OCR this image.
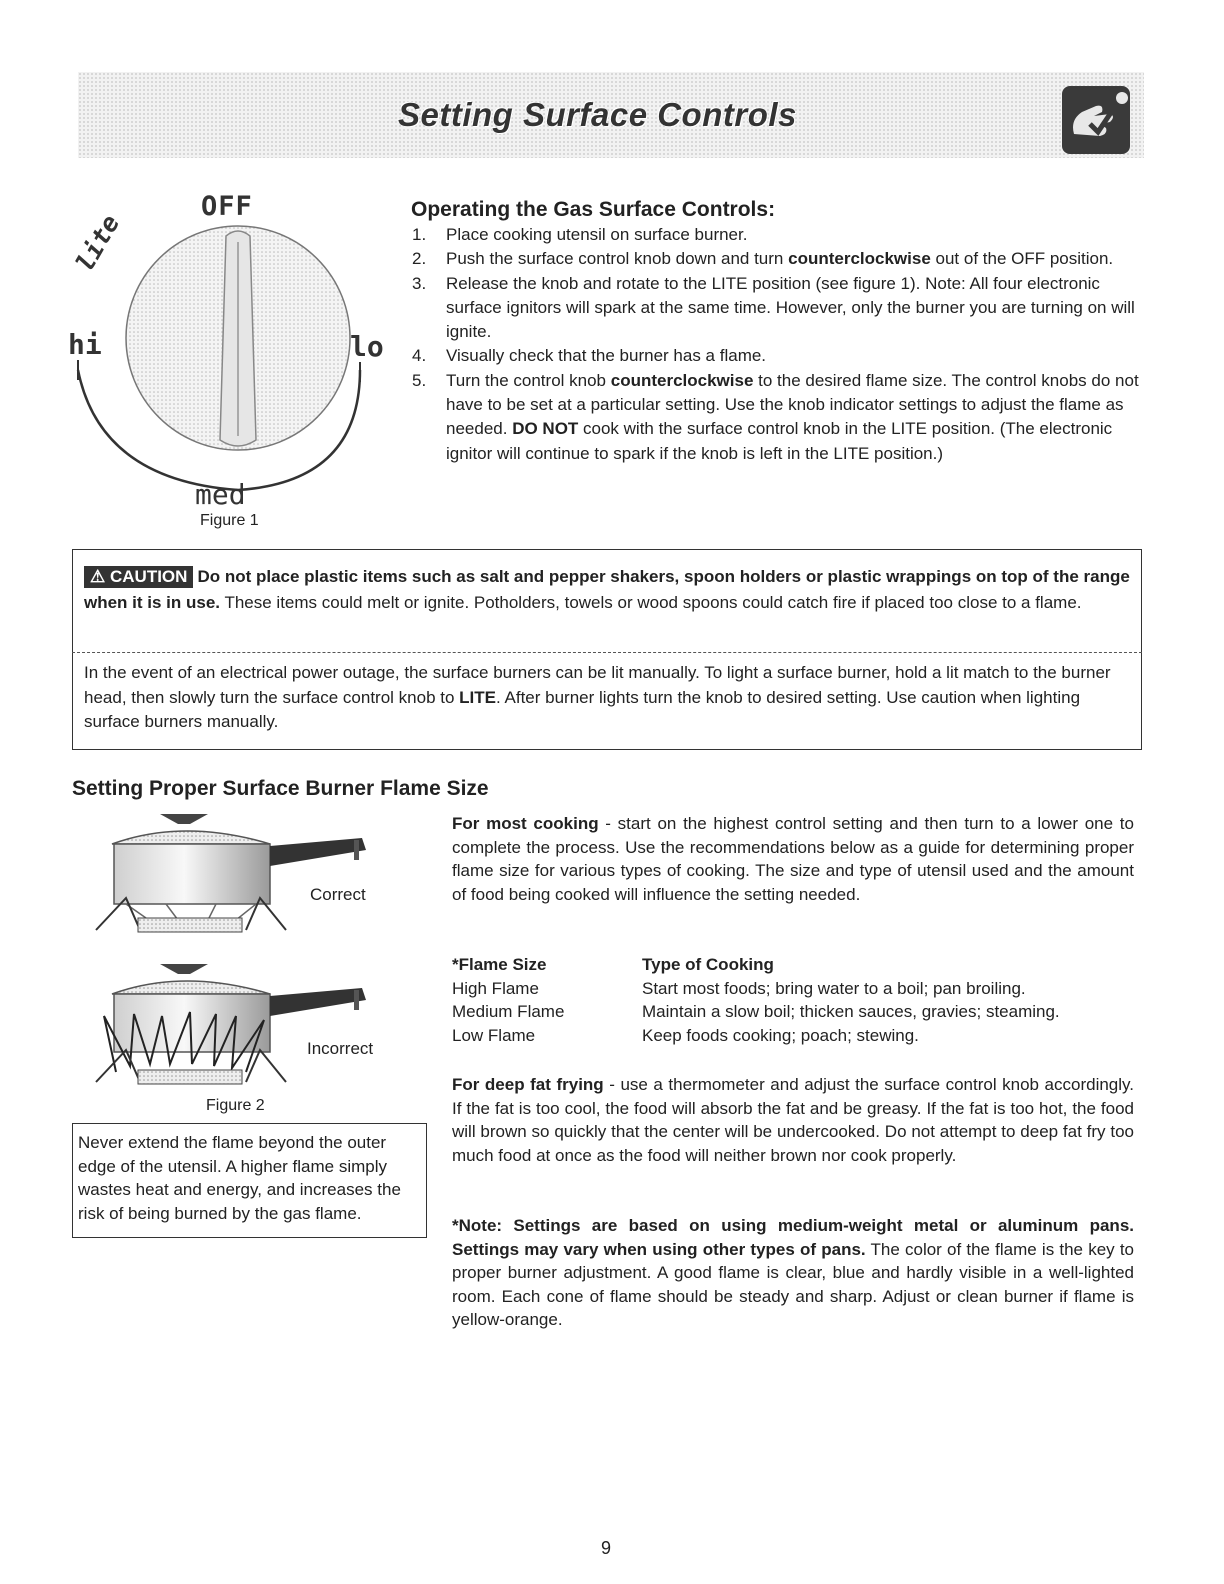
Setting Surface Controls
OFF
lite
hi	lo
med
Figure 1
Operating the Gas Surface Controls:
1. Place cooking utensil on surface burner.
2. Push the surface control knob down and turn counterclockwise out of the OFF position.
3. Release the knob and rotate to the LITE position (see figure 1). Note: All four electronic surface ignitors will spark at the same time. However, only the burner you are turning on will ignite.
4. Visually check that the burner has a flame.
5. Turn the control knob counterclockwise to the desired flame size. The control knobs do not have to be set at a particular setting. Use the knob indicator settings to adjust the flame as needed. DO NOT cook with the surface control knob in the LITE position. (The electronic ignitor will continue to spark if the knob is left in the LITE position.)
⚠ CAUTION Do not place plastic items such as salt and pepper shakers, spoon holders or plastic wrappings on top of the range when it is in use. These items could melt or ignite. Potholders, towels or wood spoons could catch fire if placed too close to a flame.
In the event of an electrical power outage, the surface burners can be lit manually. To light a surface burner, hold a lit match to the burner head, then slowly turn the surface control knob to LITE. After burner lights turn the knob to desired setting. Use caution when lighting surface burners manually.
Setting Proper Surface Burner Flame Size
Correct
Incorrect
Figure 2
Never extend the flame beyond the outer edge of the utensil. A higher flame simply wastes heat and energy, and increases the risk of being burned by the gas flame.
For most cooking - start on the highest control setting and then turn to a lower one to complete the process. Use the recommendations below as a guide for determining proper flame size for various types of cooking. The size and type of utensil used and the amount of food being cooked will influence the setting needed.
*Flame Size	Type of Cooking
High Flame	Start most foods; bring water to a boil; pan broiling.
Medium Flame	Maintain a slow boil; thicken sauces, gravies; steaming.
Low Flame	Keep foods cooking; poach; stewing.
For deep fat frying - use a thermometer and adjust the surface control knob accordingly. If the fat is too cool, the food will absorb the fat and be greasy. If the fat is too hot, the food will brown so quickly that the center will be undercooked. Do not attempt to deep fat fry too much food at once as the food will neither brown nor cook properly.
*Note: Settings are based on using medium-weight metal or aluminum pans. Settings may vary when using other types of pans. The color of the flame is the key to proper burner adjustment. A good flame is clear, blue and hardly visible in a well-lighted room. Each cone of flame should be steady and sharp. Adjust or clean burner if flame is yellow-orange.
9
